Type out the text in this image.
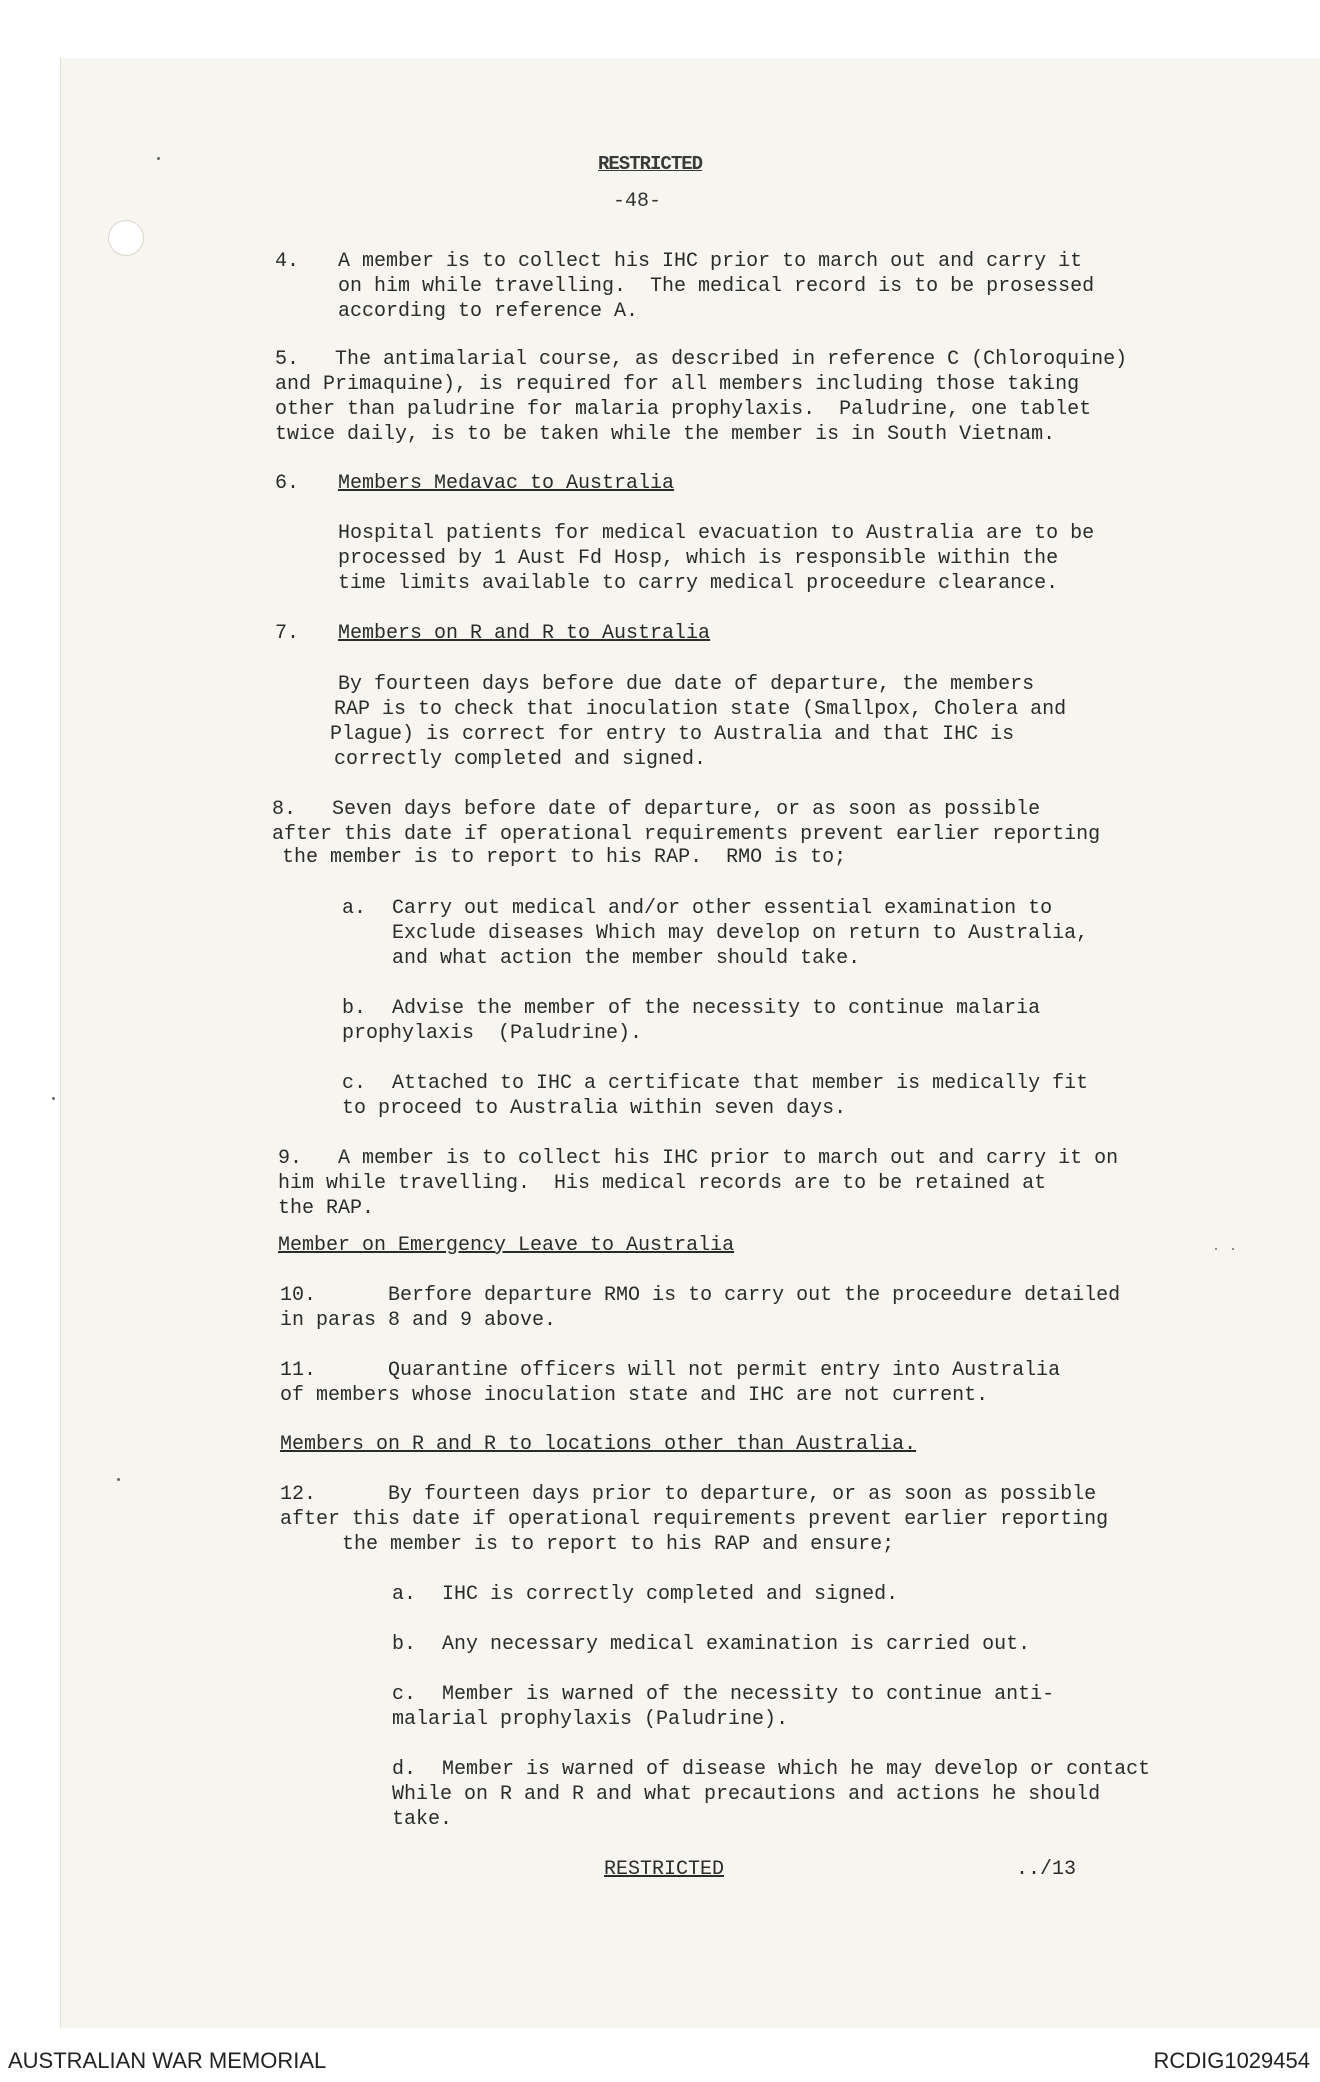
RESTRICTED
-48-
4. A member is to collect his IHC prior to march out and carry it
on him while travelling.  The medical record is to be prosessed
according to reference A.
5.   The antimalarial course, as described in reference C (Chloroquine)
and Primaquine), is required for all members including those taking
other than paludrine for malaria prophylaxis.  Paludrine, one tablet
twice daily, is to be taken while the member is in South Vietnam.
6. Members Medavac to Australia
Hospital patients for medical evacuation to Australia are to be
processed by 1 Aust Fd Hosp, which is responsible within the
time limits available to carry medical proceedure clearance.
7. Members on R and R to Australia
By fourteen days before due date of departure, the members
RAP is to check that inoculation state (Smallpox, Cholera and
Plague) is correct for entry to Australia and that IHC is
correctly completed and signed.
8.   Seven days before date of departure, or as soon as possible
after this date if operational requirements prevent earlier reporting
the member is to report to his RAP.  RMO is to;
a. Carry out medical and/or other essential examination to
Exclude diseases Which may develop on return to Australia,
and what action the member should take.
b. Advise the member of the necessity to continue malaria
prophylaxis  (Paludrine).
c. Attached to IHC a certificate that member is medically fit
to proceed to Australia within seven days.
9.   A member is to collect his IHC prior to march out and carry it on
him while travelling.  His medical records are to be retained at
the RAP.
Member on Emergency Leave to Australia
10.      Berfore departure RMO is to carry out the proceedure detailed
in paras 8 and 9 above.
11.      Quarantine officers will not permit entry into Australia
of members whose inoculation state and IHC are not current.
Members on R and R to locations other than Australia.
12.      By fourteen days prior to departure, or as soon as possible
after this date if operational requirements prevent earlier reporting
the member is to report to his RAP and ensure;
a. IHC is correctly completed and signed.
b. Any necessary medical examination is carried out.
c. Member is warned of the necessity to continue anti-
malarial prophylaxis (Paludrine).
d. Member is warned of disease which he may develop or contact
While on R and R and what precautions and actions he should
take.
RESTRICTED	../13
AUSTRALIAN WAR MEMORIAL	RCDIG1029454
